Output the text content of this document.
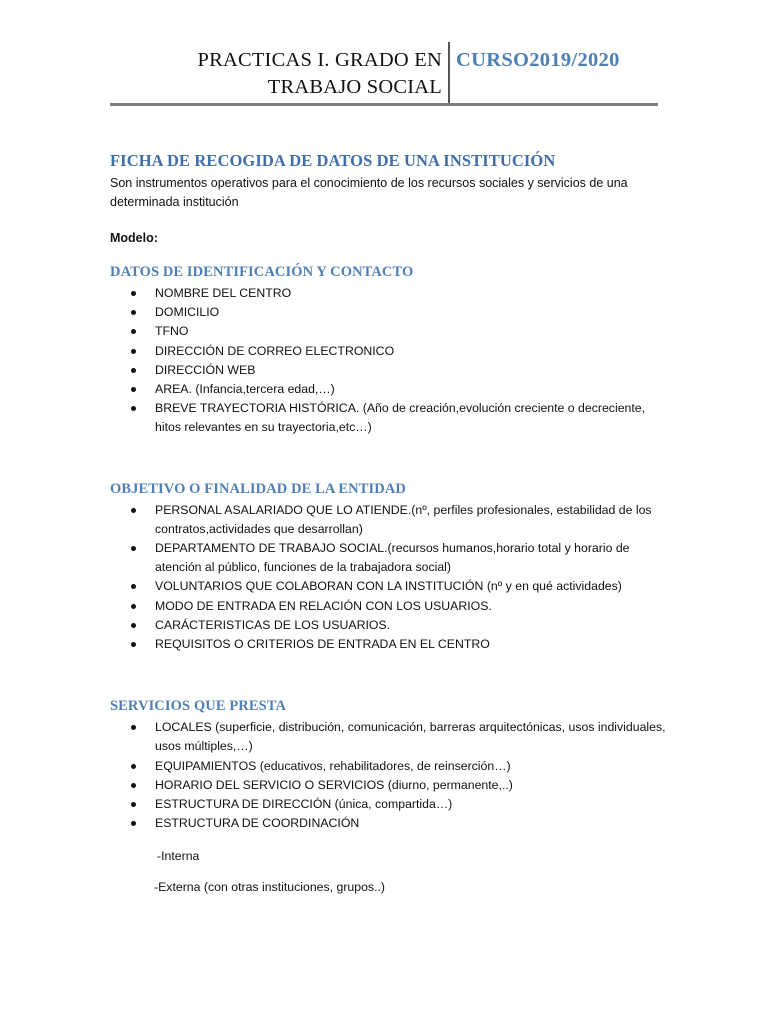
PRACTICAS I. GRADO EN
TRABAJO SOCIAL
CURSO2019/2020
FICHA DE RECOGIDA DE DATOS DE UNA INSTITUCIÓN

Son instrumentos operativos para el conocimiento de los recursos sociales y servicios de una determinada institución

Modelo:

DATOS DE IDENTIFICACIÓN Y CONTACTO
NOMBRE DEL CENTRO
DOMICILIO
TFNO
DIRECCIÓN DE CORREO ELECTRONICO
DIRECCIÓN WEB
AREA. (Infancia,tercera edad,…)
BREVE TRAYECTORIA HISTÓRICA. (Año de creación,evolución creciente o decreciente, hitos relevantes en su trayectoria,etc…)
OBJETIVO O FINALIDAD DE LA ENTIDAD
PERSONAL ASALARIADO QUE LO ATIENDE.(nº, perfiles profesionales, estabilidad de los contratos,actividades que desarrollan)
DEPARTAMENTO DE TRABAJO SOCIAL.(recursos humanos,horario total y horario de atención al público, funciones de la trabajadora social)
VOLUNTARIOS QUE COLABORAN CON LA INSTITUCIÓN (nº y en qué actividades)
MODO DE ENTRADA EN RELACIÓN CON LOS USUARIOS.
CARÁCTERISTICAS DE LOS USUARIOS.
REQUISITOS O CRITERIOS DE ENTRADA EN EL CENTRO
SERVICIOS QUE PRESTA
LOCALES (superficie, distribución, comunicación, barreras arquitectónicas, usos individuales, usos múltiples,…)
EQUIPAMIENTOS (educativos, rehabilitadores, de reinserción…)
HORARIO DEL SERVICIO O SERVICIOS (diurno, permanente,..)
ESTRUCTURA DE DIRECCIÓN (única, compartida…)
ESTRUCTURA DE COORDINACIÓN
-Interna
-Externa (con otras instituciones, grupos..)
